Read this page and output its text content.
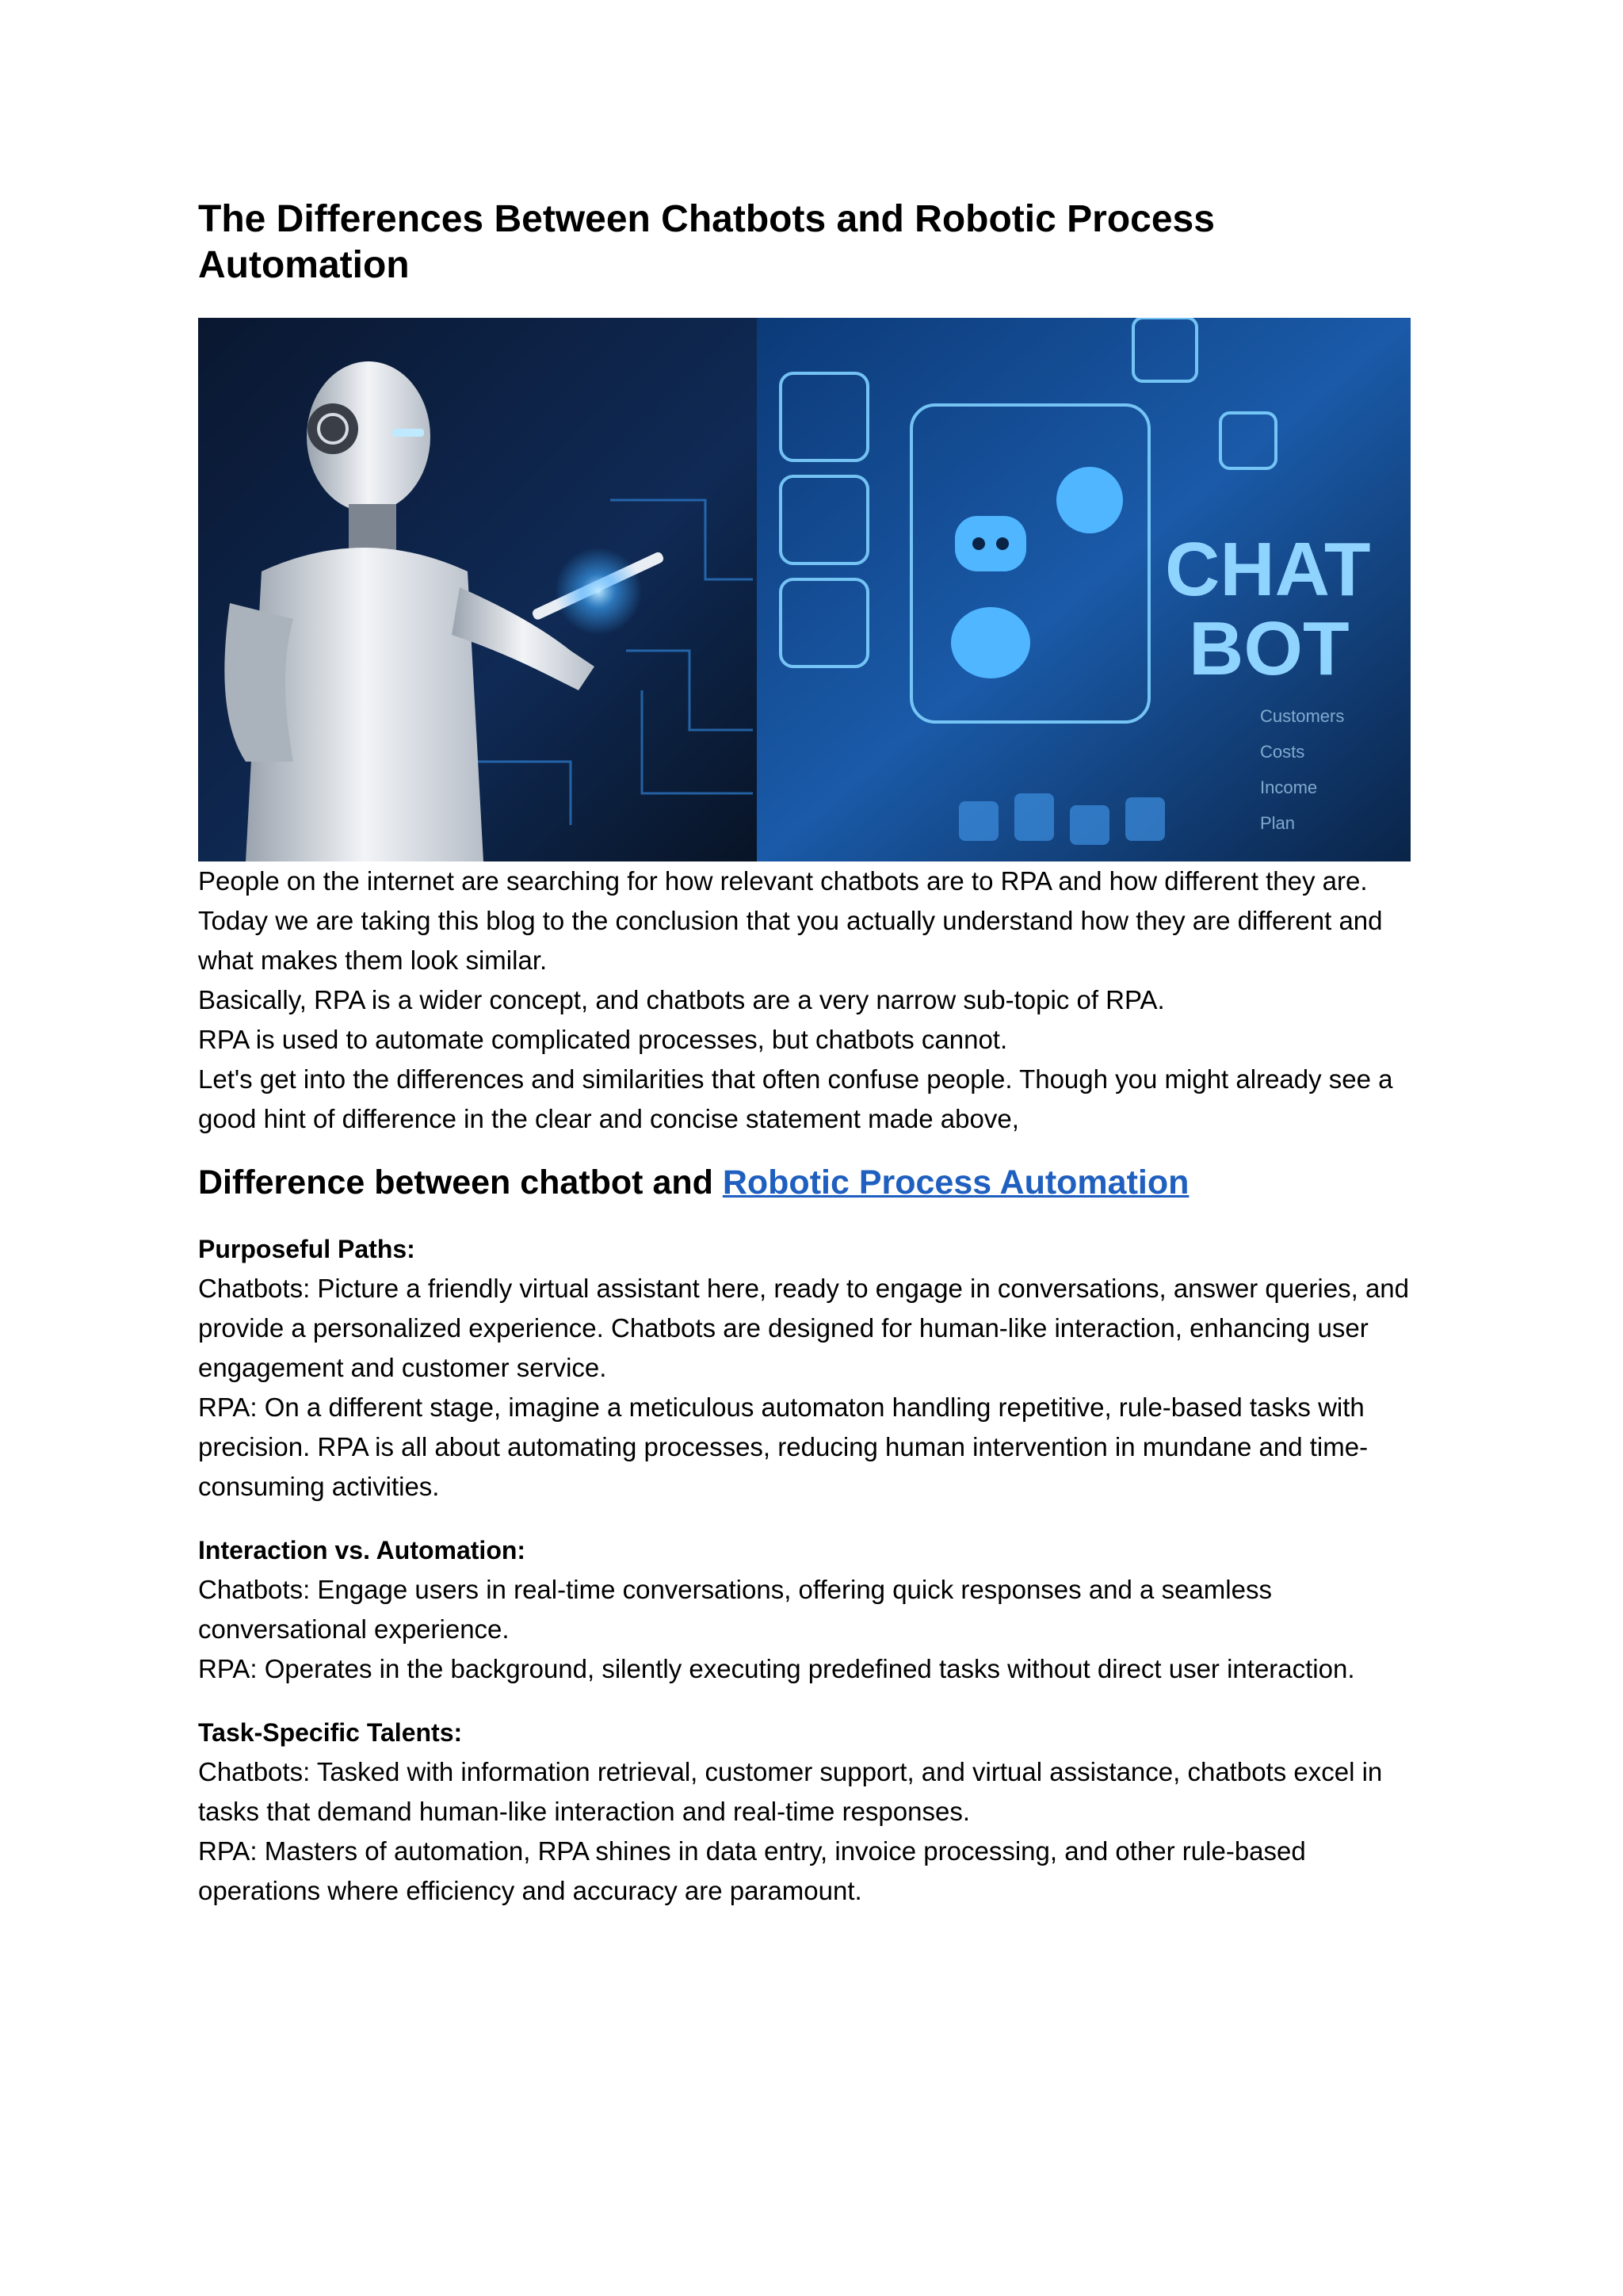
The Differences Between Chatbots and Robotic Process Automation
CHAT
BOT
Customers
Costs
Income
Plan

People on the internet are searching for how relevant chatbots are to RPA and how different they are. Today we are taking this blog to the conclusion that you actually understand how they are different and what makes them look similar.

Basically, RPA is a wider concept, and chatbots are a very narrow sub-topic of RPA.
RPA is used to automate complicated processes, but chatbots cannot.

Let's get into the differences and similarities that often confuse people. Though you might already see a good hint of difference in the clear and concise statement made above,

Difference between chatbot and Robotic Process Automation

Purposeful Paths:

Chatbots: Picture a friendly virtual assistant here, ready to engage in conversations, answer queries, and provide a personalized experience. Chatbots are designed for human-like interaction, enhancing user engagement and customer service.

RPA: On a different stage, imagine a meticulous automaton handling repetitive, rule-based tasks with precision. RPA is all about automating processes, reducing human intervention in mundane and time-consuming activities.

Interaction vs. Automation:

Chatbots: Engage users in real-time conversations, offering quick responses and a seamless conversational experience.

RPA: Operates in the background, silently executing predefined tasks without direct user interaction.

Task-Specific Talents:

Chatbots: Tasked with information retrieval, customer support, and virtual assistance, chatbots excel in tasks that demand human-like interaction and real-time responses.

RPA: Masters of automation, RPA shines in data entry, invoice processing, and other rule-based operations where efficiency and accuracy are paramount.
